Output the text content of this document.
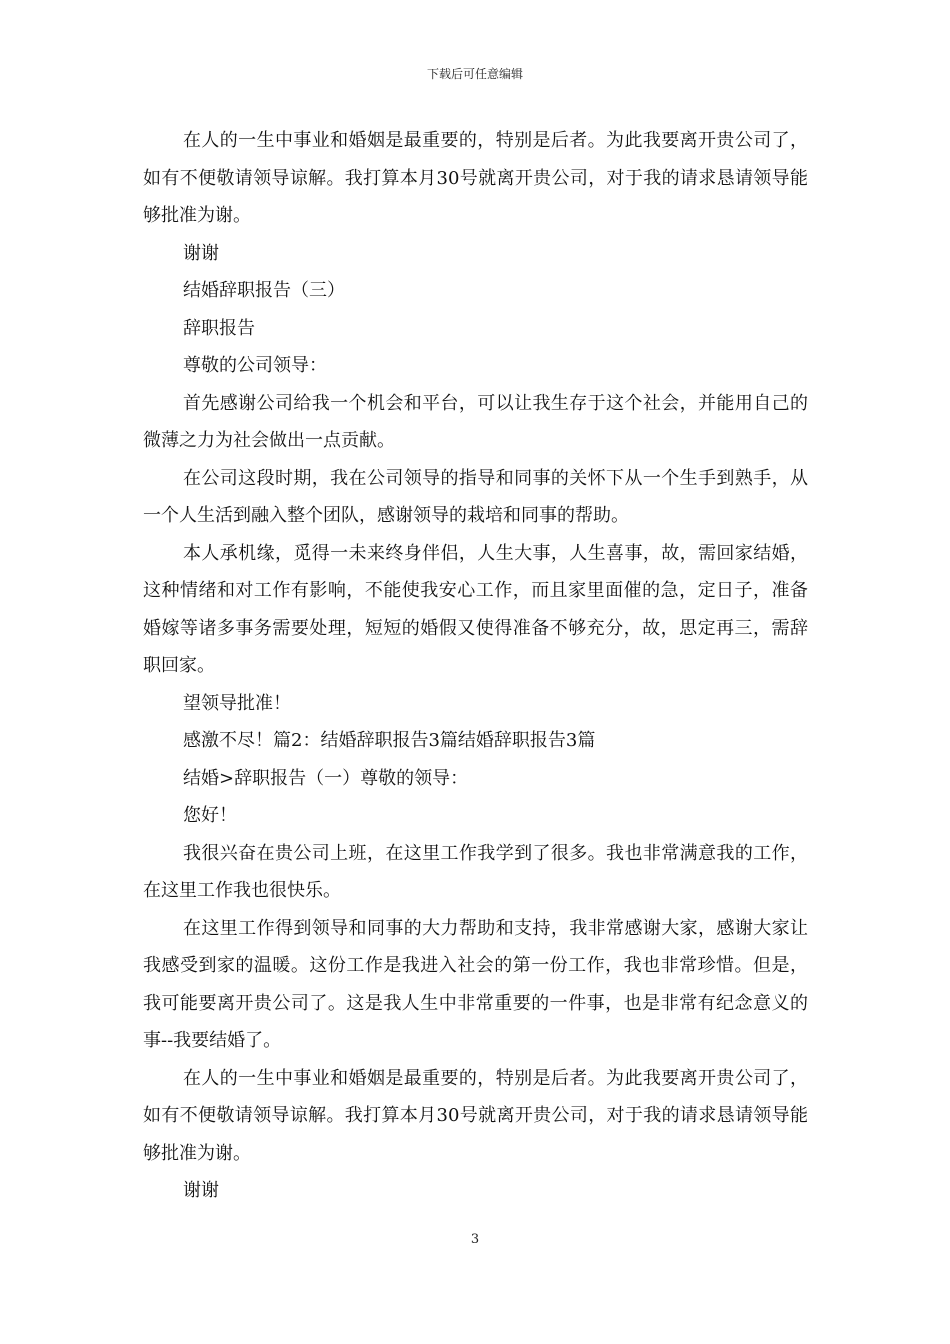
下载后可任意编辑

在人的一生中事业和婚姻是最重要的，特别是后者。为此我要离开贵公司了，如有不便敬请领导谅解。我打算本月30号就离开贵公司，对于我的请求恳请领导能够批准为谢。

谢谢

结婚辞职报告（三）

辞职报告

尊敬的公司领导：

首先感谢公司给我一个机会和平台，可以让我生存于这个社会，并能用自己的微薄之力为社会做出一点贡献。

在公司这段时期，我在公司领导的指导和同事的关怀下从一个生手到熟手，从一个人生活到融入整个团队，感谢领导的栽培和同事的帮助。

本人承机缘，觅得一未来终身伴侣，人生大事，人生喜事，故，需回家结婚，这种情绪和对工作有影响，不能使我安心工作，而且家里面催的急，定日子，准备婚嫁等诸多事务需要处理，短短的婚假又使得准备不够充分，故，思定再三，需辞职回家。

望领导批准！

感激不尽！篇2：结婚辞职报告3篇结婚辞职报告3篇

结婚>辞职报告（一）尊敬的领导：

您好！

我很兴奋在贵公司上班，在这里工作我学到了很多。我也非常满意我的工作，在这里工作我也很快乐。

在这里工作得到领导和同事的大力帮助和支持，我非常感谢大家，感谢大家让我感受到家的温暖。这份工作是我进入社会的第一份工作，我也非常珍惜。但是，我可能要离开贵公司了。这是我人生中非常重要的一件事，也是非常有纪念意义的事--我要结婚了。

在人的一生中事业和婚姻是最重要的，特别是后者。为此我要离开贵公司了，如有不便敬请领导谅解。我打算本月30号就离开贵公司，对于我的请求恳请领导能够批准为谢。

谢谢

3
